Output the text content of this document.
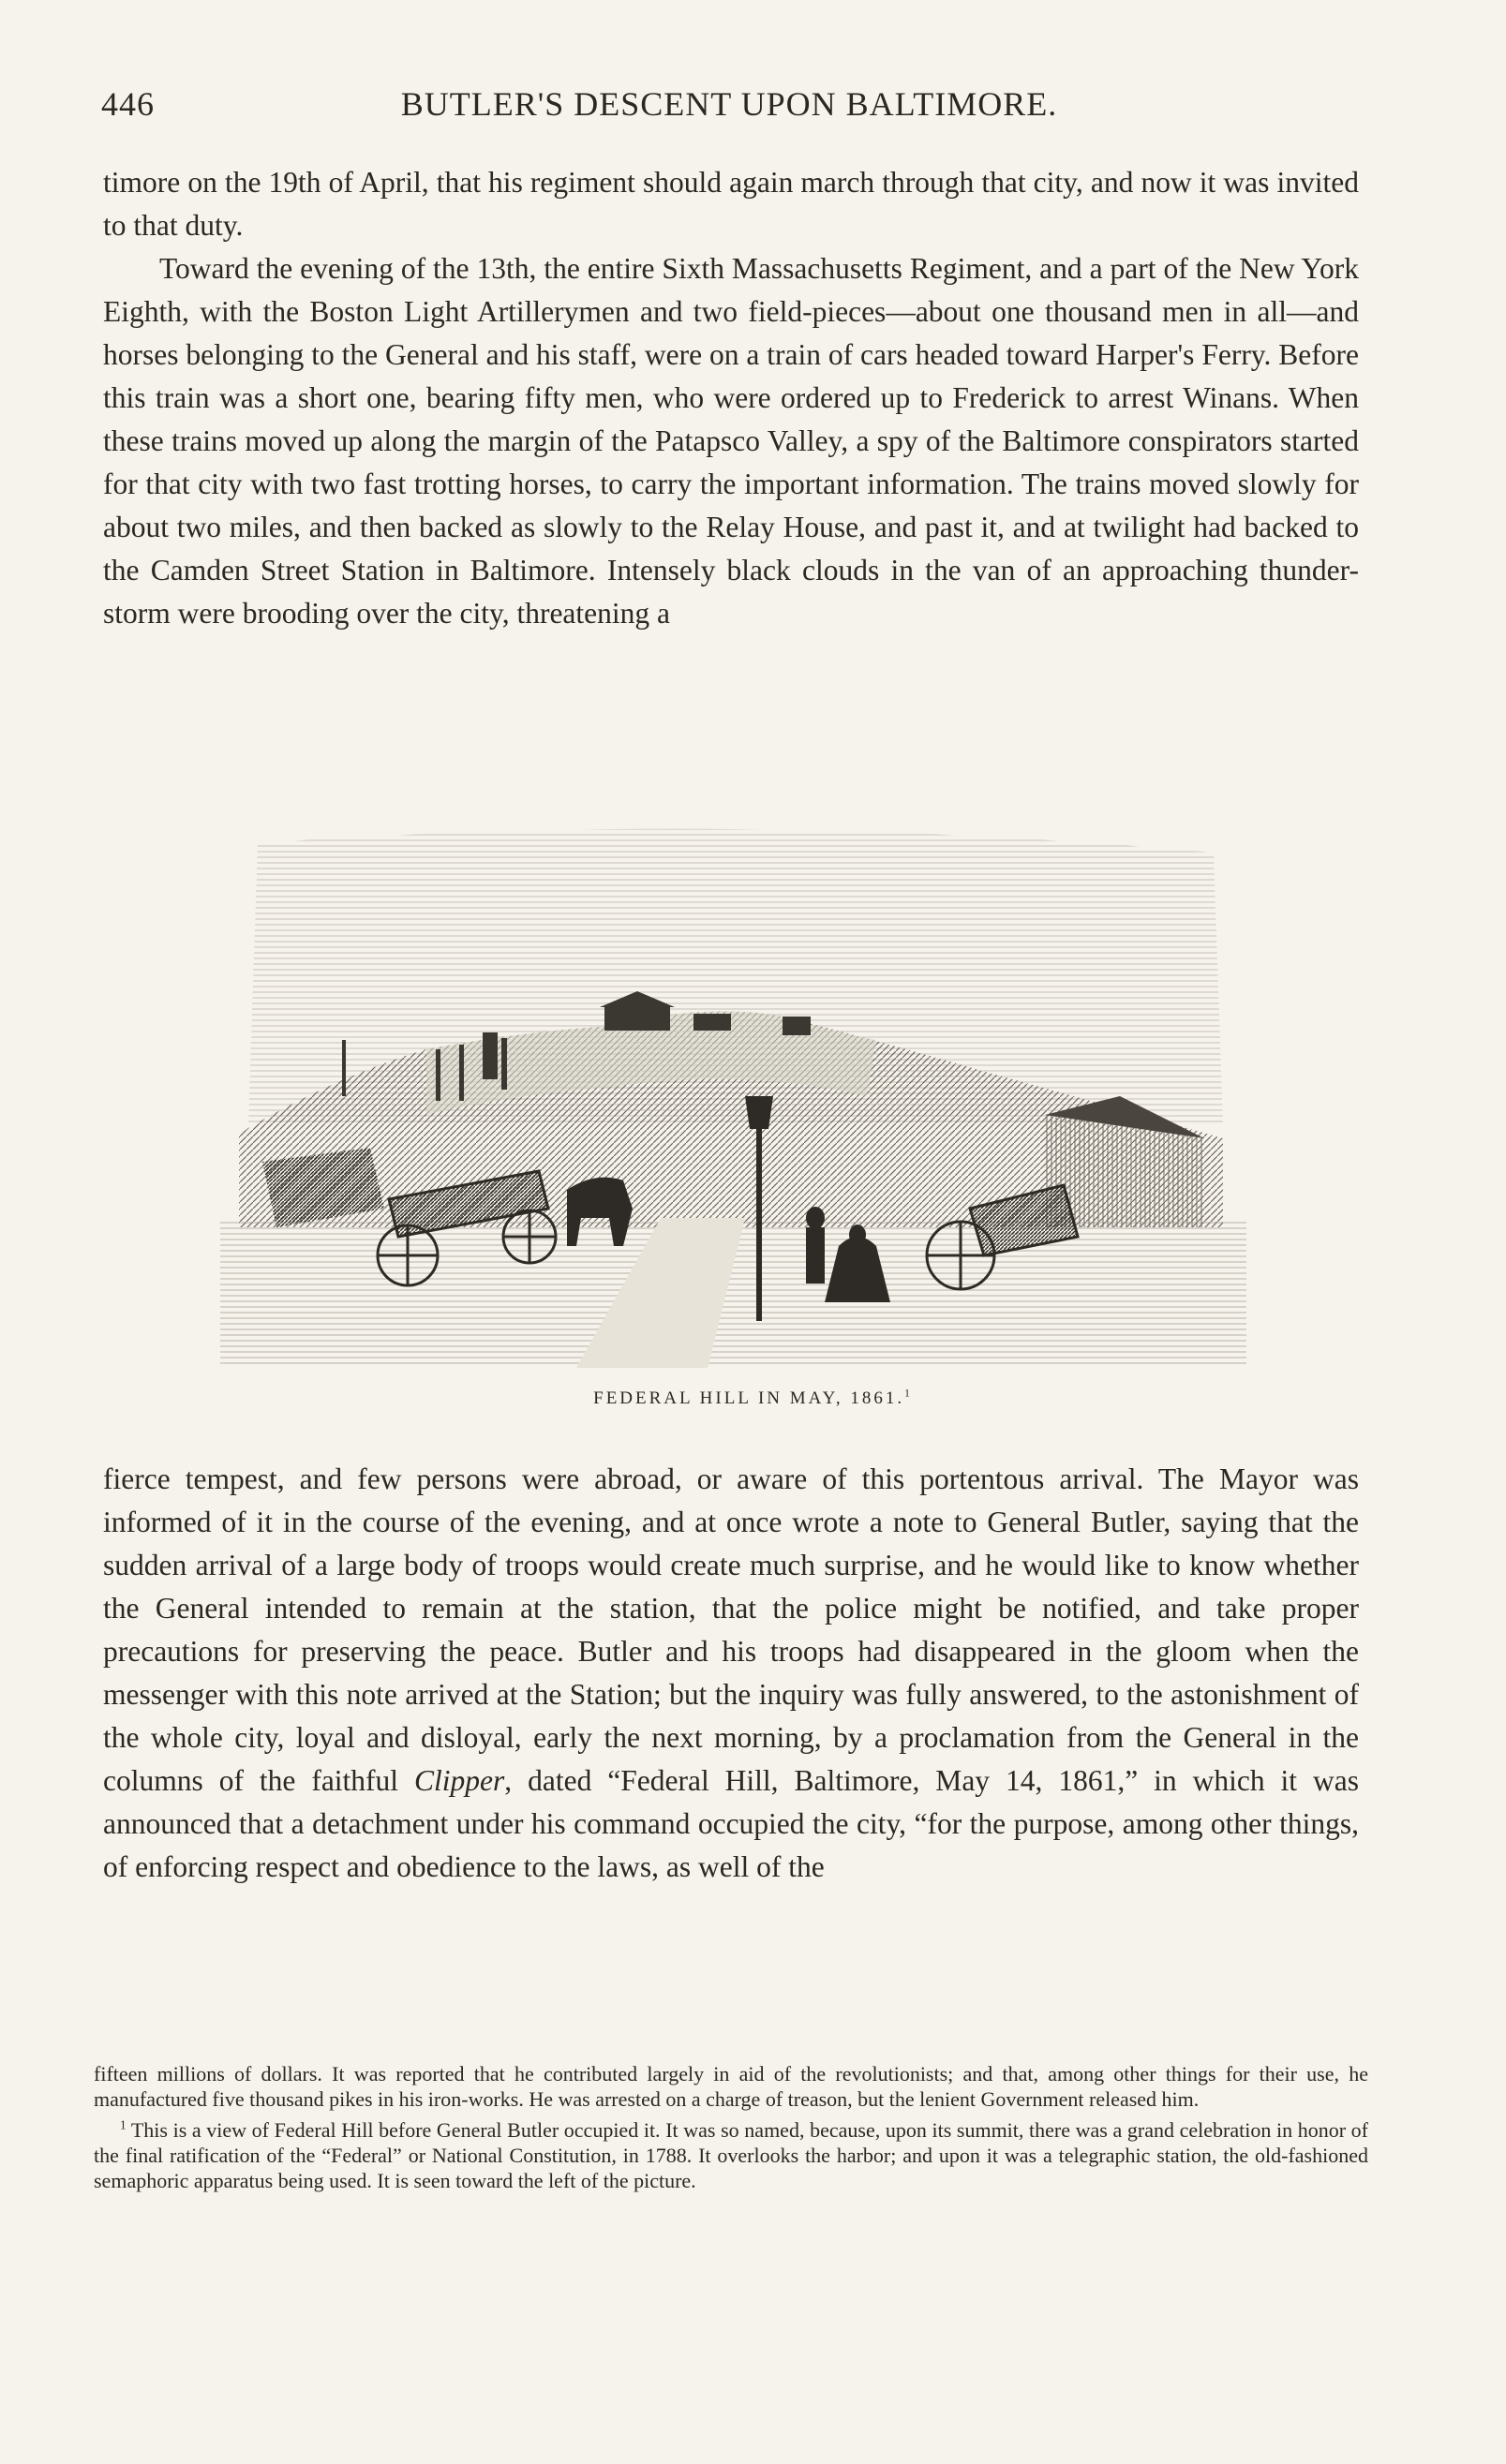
446	BUTLER'S DESCENT UPON BALTIMORE.

timore on the 19th of April, that his regiment should again march through that city, and now it was invited to that duty.

Toward the evening of the 13th, the entire Sixth Massachusetts Regiment, and a part of the New York Eighth, with the Boston Light Artillerymen and two field-pieces—about one thousand men in all—and horses belonging to the General and his staff, were on a train of cars headed toward Harper's Ferry. Before this train was a short one, bearing fifty men, who were ordered up to Frederick to arrest Winans. When these trains moved up along the margin of the Patapsco Valley, a spy of the Baltimore conspirators started for that city with two fast trotting horses, to carry the important information. The trains moved slowly for about two miles, and then backed as slowly to the Relay House, and past it, and at twilight had backed to the Camden Street Station in Baltimore. Intensely black clouds in the van of an approaching thunder-storm were brooding over the city, threatening a

FEDERAL HILL IN MAY, 1861.$^1$

fierce tempest, and few persons were abroad, or aware of this portentous arrival. The Mayor was informed of it in the course of the evening, and at once wrote a note to General Butler, saying that the sudden arrival of a large body of troops would create much surprise, and he would like to know whether the General intended to remain at the station, that the police might be notified, and take proper precautions for preserving the peace. Butler and his troops had disappeared in the gloom when the messenger with this note arrived at the Station; but the inquiry was fully answered, to the astonishment of the whole city, loyal and disloyal, early the next morning, by a proclamation from the General in the columns of the faithful Clipper, dated “Federal Hill, Baltimore, May 14, 1861,” in which it was announced that a detachment under his command occupied the city, “for the purpose, among other things, of enforcing respect and obedience to the laws, as well of the

fifteen millions of dollars. It was reported that he contributed largely in aid of the revolutionists; and that, among other things for their use, he manufactured five thousand pikes in his iron-works. He was arrested on a charge of treason, but the lenient Government released him.

$^1$ This is a view of Federal Hill before General Butler occupied it. It was so named, because, upon its summit, there was a grand celebration in honor of the final ratification of the “Federal” or National Constitution, in 1788. It overlooks the harbor; and upon it was a telegraphic station, the old-fashioned semaphoric apparatus being used. It is seen toward the left of the picture.
